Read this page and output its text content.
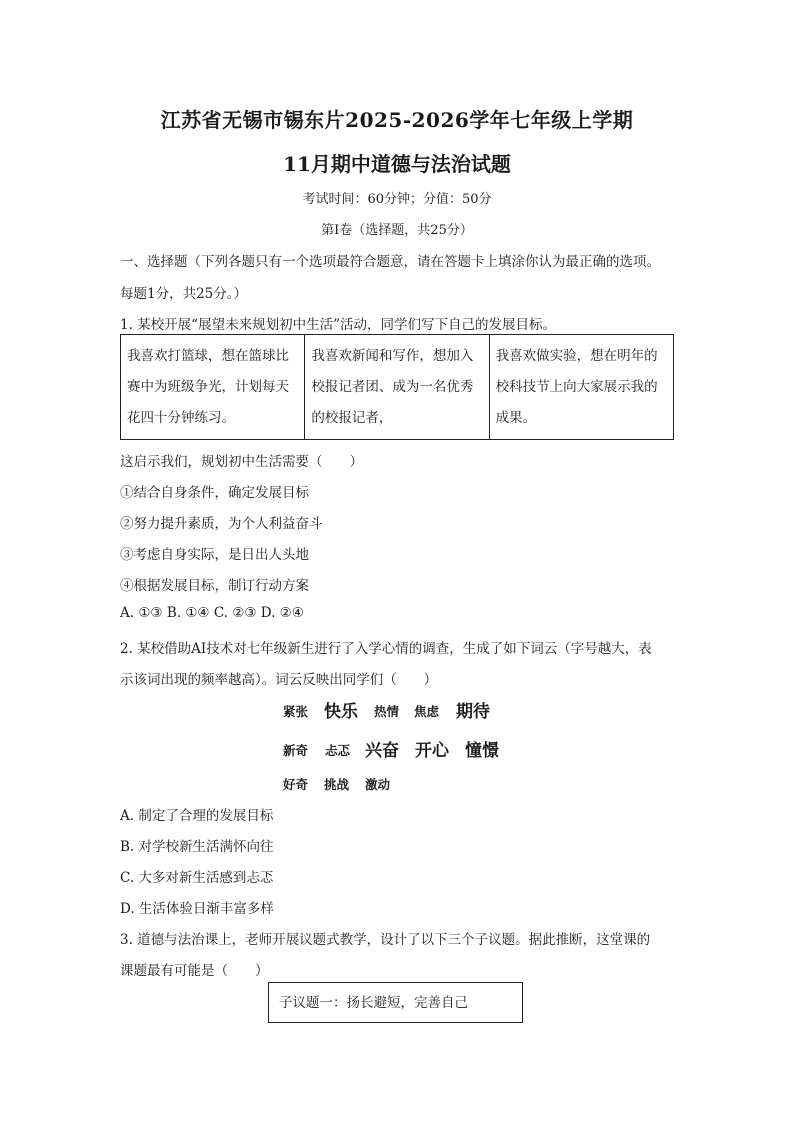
江苏省无锡市锡东片2025-2026学年七年级上学期
11月期中道德与法治试题
考试时间：60分钟；分值：50分
第Ⅰ卷（选择题，共25分）
一、选择题（下列各题只有一个选项最符合题意，请在答题卡上填涂你认为最正确的选项。
每题1分，共25分。）
1. 某校开展“展望未来规划初中生活”活动，同学们写下自己的发展目标。
我喜欢打篮球，想在篮球比赛中为班级争光，计划每天花四十分钟练习。	我喜欢新闻和写作，想加入校报记者团、成为一名优秀的校报记者，	我喜欢做实验，想在明年的校科技节上向大家展示我的成果。
这启示我们，规划初中生活需要（　　）
①结合自身条件，确定发展目标
②努力提升素质，为个人利益奋斗
③考虑自身实际，是日出人头地
④根据发展目标，制订行动方案
A. ①③ B. ①④ C. ②③ D. ②④
2. 某校借助AI技术对七年级新生进行了入学心情的调查，生成了如下词云（字号越大，表
示该词出现的频率越高）。词云反映出同学们（　　）
紧张 快乐 热情 焦虑 期待
新奇 忐忑 兴奋 开心 憧憬
好奇 挑战 激动
A. 制定了合理的发展目标
B. 对学校新生活满怀向往
C. 大多对新生活感到忐忑
D. 生活体验日渐丰富多样
3. 道德与法治课上，老师开展议题式教学，设计了以下三个子议题。据此推断，这堂课的
课题最有可能是（　　）
子议题一：扬长避短，完善自己
